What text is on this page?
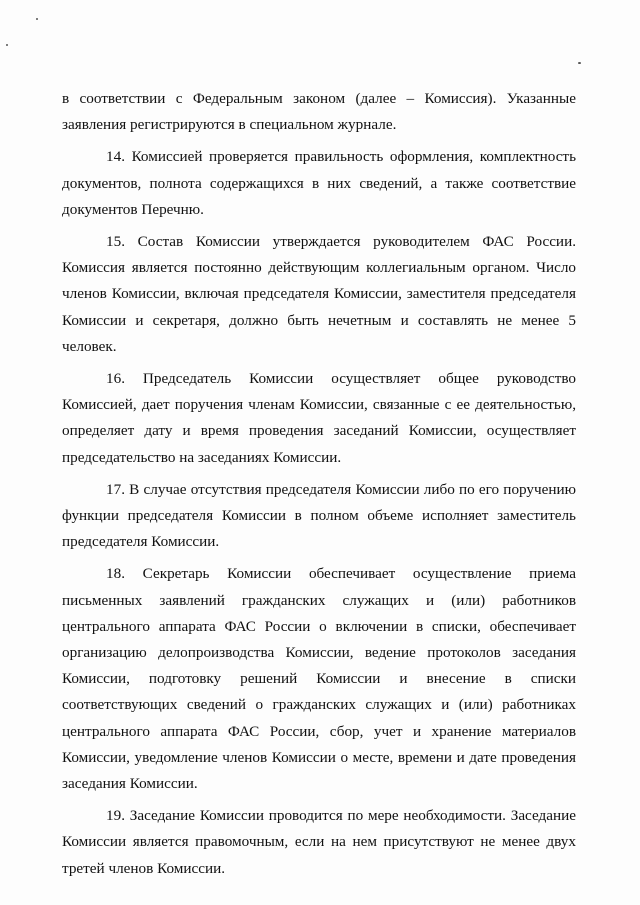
в соответствии с Федеральным законом (далее – Комиссия). Указанные заявления регистрируются в специальном журнале.

14. Комиссией проверяется правильность оформления, комплектность документов, полнота содержащихся в них сведений, а также соответствие документов Перечню.

15. Состав Комиссии утверждается руководителем ФАС России. Комиссия является постоянно действующим коллегиальным органом. Число членов Комиссии, включая председателя Комиссии, заместителя председателя Комиссии и секретаря, должно быть нечетным и составлять не менее 5 человек.

16. Председатель Комиссии осуществляет общее руководство Комиссией, дает поручения членам Комиссии, связанные с ее деятельностью, определяет дату и время проведения заседаний Комиссии, осуществляет председательство на заседаниях Комиссии.

17. В случае отсутствия председателя Комиссии либо по его поручению функции председателя Комиссии в полном объеме исполняет заместитель председателя Комиссии.

18. Секретарь Комиссии обеспечивает осуществление приема письменных заявлений гражданских служащих и (или) работников центрального аппарата ФАС России о включении в списки, обеспечивает организацию делопроизводства Комиссии, ведение протоколов заседания Комиссии, подготовку решений Комиссии и внесение в списки соответствующих сведений о гражданских служащих и (или) работниках центрального аппарата ФАС России, сбор, учет и хранение материалов Комиссии, уведомление членов Комиссии о месте, времени и дате проведения заседания Комиссии.

19. Заседание Комиссии проводится по мере необходимости. Заседание Комиссии является правомочным, если на нем присутствуют не менее двух третей членов Комиссии.
